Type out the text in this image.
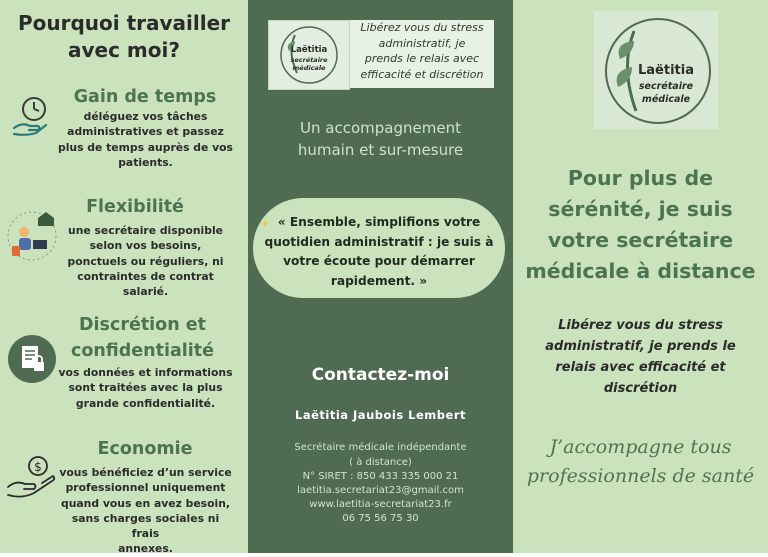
Pourquoi travailler
avec moi?
Gain de temps
déléguez vos tâches
administratives et passez
plus de temps auprès de vos
patients.
Flexibilité
une secrétaire disponible
selon vos besoins,
ponctuels ou réguliers, ni
contraintes de contrat
salarié.
Discrétion et
confidentialité
vos données et informations
sont traitées avec la plus
grande confidentialité.
$
Economie
vous bénéficiez d’un service
professionnel uniquement
quand vous en avez besoin,
sans charges sociales ni frais
annexes.
Laëtitia
secrétaire
médicale
Libérez vous du stress
administratif, je
prends le relais avec
efficacité et discrétion
Un accompagnement
humain et sur-mesure
✦ « Ensemble, simplifions votre
quotidien administratif : je suis à
votre écoute pour démarrer
rapidement. »
Contactez-moi
Laëtitia Jaubois Lembert
Secrétaire médicale indépendante
( à distance)
N° SIRET : 850 433 335 000 21
laetitia.secretariat23@gmail.com
www.laetitia-secretariat23.fr
06 75 56 75 30
Laëtitia
secrétaire
médicale
Pour plus de
sérénité, je suis
votre secrétaire
médicale à distance
Libérez vous du stress
administratif, je prends le
relais avec efficacité et
discrétion
J’accompagne tous
professionnels de santé
